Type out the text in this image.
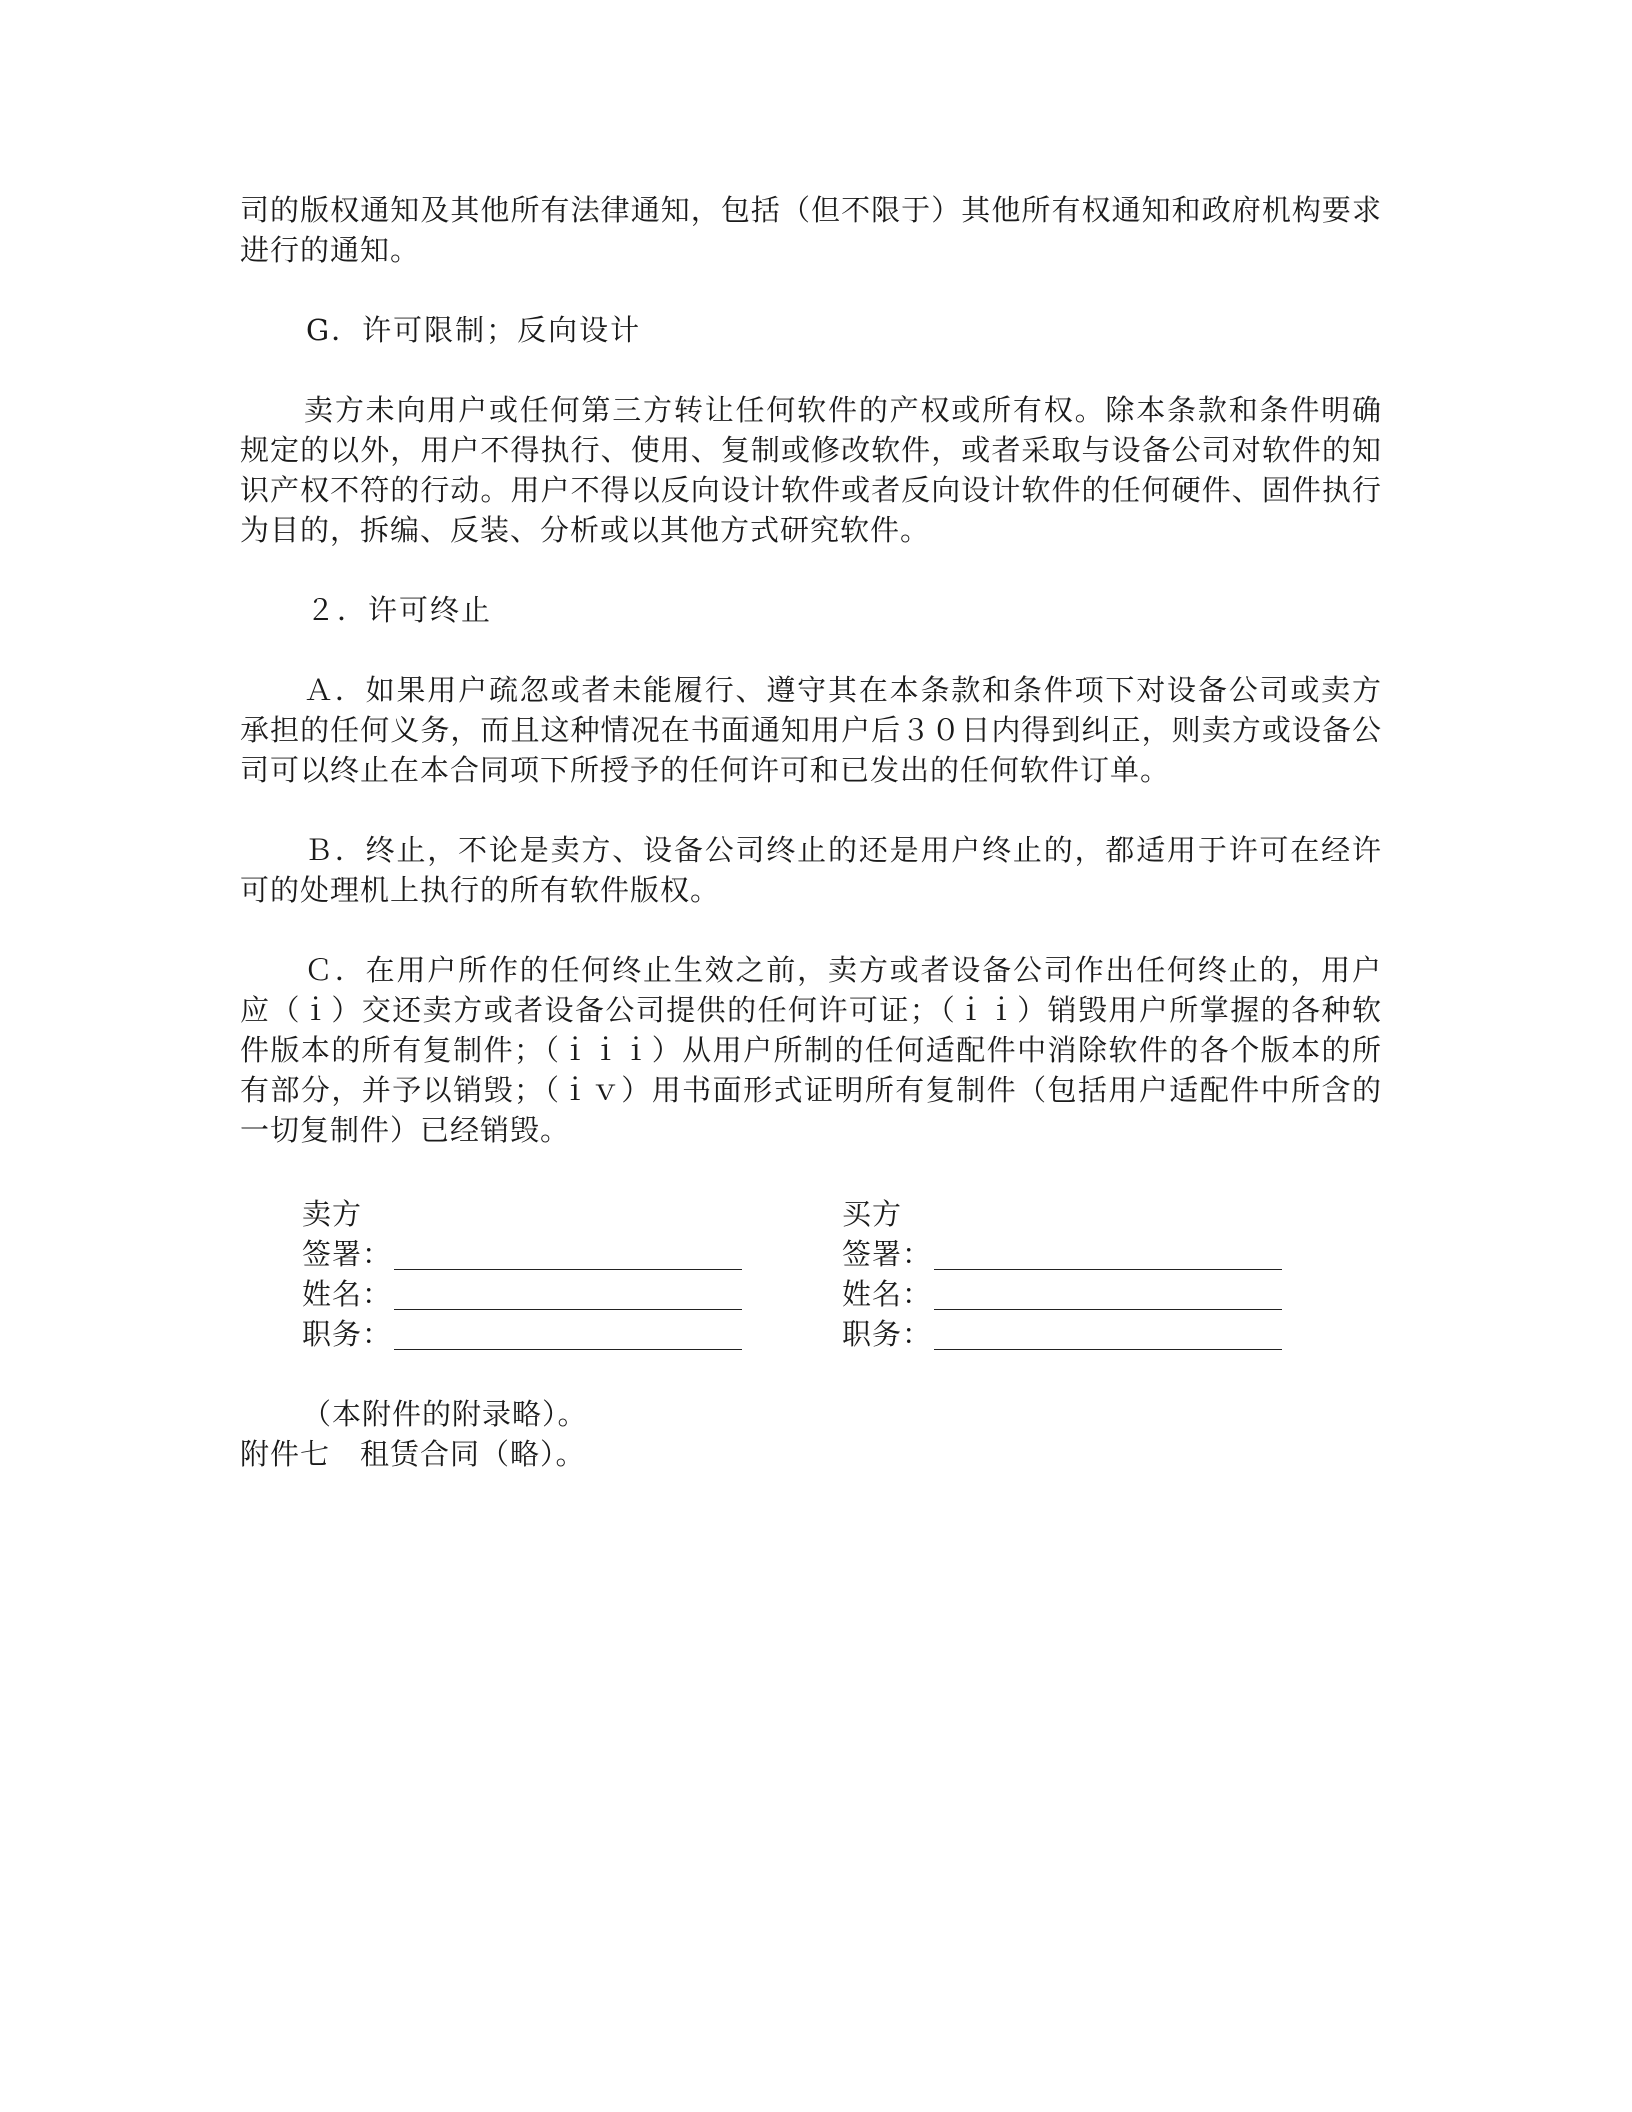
司的版权通知及其他所有法律通知，包括（但不限于）其他所有权通知和政府机构要求进行的通知。

G．许可限制；反向设计

卖方未向用户或任何第三方转让任何软件的产权或所有权。除本条款和条件明确规定的以外，用户不得执行、使用、复制或修改软件，或者采取与设备公司对软件的知识产权不符的行动。用户不得以反向设计软件或者反向设计软件的任何硬件、固件执行为目的，拆编、反装、分析或以其他方式研究软件。

２．许可终止

Ａ．如果用户疏忽或者未能履行、遵守其在本条款和条件项下对设备公司或卖方承担的任何义务，而且这种情况在书面通知用户后３０日内得到纠正，则卖方或设备公司可以终止在本合同项下所授予的任何许可和已发出的任何软件订单。

Ｂ．终止，不论是卖方、设备公司终止的还是用户终止的，都适用于许可在经许可的处理机上执行的所有软件版权。

Ｃ．在用户所作的任何终止生效之前，卖方或者设备公司作出任何终止的，用户应（ｉ）交还卖方或者设备公司提供的任何许可证；（ｉｉ）销毁用户所掌握的各种软件版本的所有复制件；（ｉｉｉ）从用户所制的任何适配件中消除软件的各个版本的所有部分，并予以销毁；（ｉｖ）用书面形式证明所有复制件（包括用户适配件中所含的一切复制件）已经销毁。

卖方
签署：
姓名：
职务：
买方
签署：
姓名：
职务：

（本附件的附录略）。

附件七　租赁合同（略）。
